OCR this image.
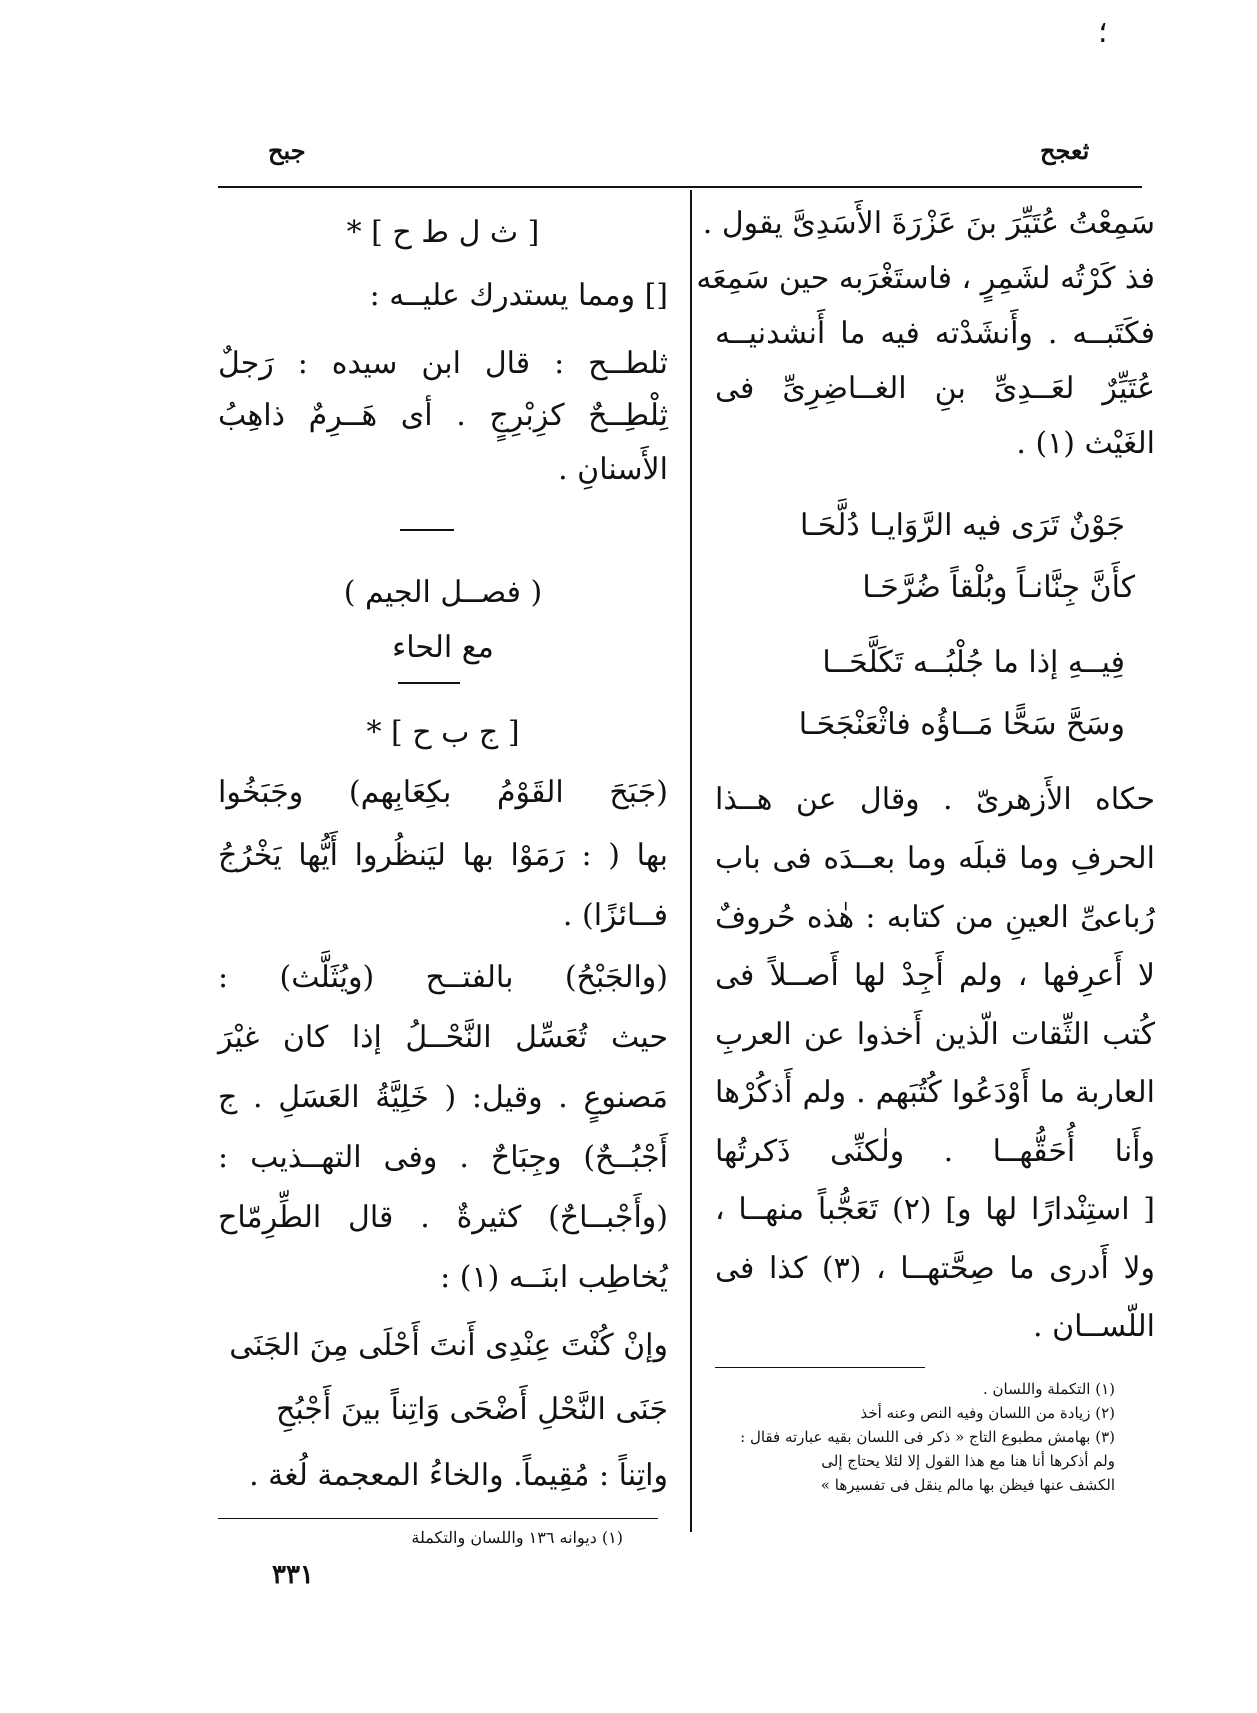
؛
جبح	ثعجح
سَمِعْتُ عُتَيِّرَ بنَ عَزْرَةَ الأَسَدِىَّ يقول .
فذ كَرْتُه لشَمِرٍ ، فاستَغْرَبه حين سَمِعَه
فكَتَبــه . وأَنشَدْته فيه ما أَنشدنيــه
عُتَيِّرٌ لعَــدِىِّ بنِ الغــاضِرِىِّ فى
الغَيْث (١) .
جَوْنٌ تَرَى فيه الرَّوَايـا دُلَّحَـا
كأَنَّ جِنَّانـاً وبُلْقاً ضُرَّحَـا
فِيــهِ إذا ما جُلْبُــه تَكَلَّحَــا
وسَحَّ سَحًّا مَــاؤُه فاثْعَنْجَحَـا
حكاه الأَزهرىّ . وقال عن هــذا
الحرفِ وما قبلَه وما بعــدَه فى باب
رُباعىِّ العينِ من كتابه : هٰذه حُروفٌ
لا أَعرِفها ، ولم أَجِدْ لها أَصــلاً فى
كُتب الثِّقات الّذين أَخذوا عن العربِ
العاربة ما أَوْدَعُوا كُتُبَهم . ولم أَذكُرْها
وأَنا أُحَقُّهــا . ولٰكنِّى ذَكرتُها
[ استِنْدارًا لها و] (٢) تَعَجُّباً منهــا ،
ولا أَدرى ما صِحَّتهــا ، (٣) كذا فى
اللّســان .
(١) التكملة واللسان .
(٢) زيادة من اللسان وفيه النص وعنه أخذ
(٣) بهامش مطبوع التاج « ذكر فى اللسان بقيه عبارته فقال :
ولم أذكرها أنا هنا مع هذا القول إلا لئلا يحتاج إلى
الكشف عنها فيظن بها مالم ينقل فى تفسيرها »
[ ث ل ط ح ] *
[] ومما يستدرك عليــه :
ثلطــح : قال ابن سيده : رَجلٌ
ثِلْطِــحٌ كزِبْرِجٍ . أى هَــرِمٌ ذاهِبُ
الأَسنانِ .
( فصــل الجيم )
مع الحاء
[ ج ب ح ] *
(جَبَحَ القَوْمُ بكِعَابِهم) وجَبَخُوا
بها ( : رَمَوْا بها ليَنظُروا أَيُّها يَخْرُجُ
فــائزًا) .
(والجَبْحُ) بالفتــح (ويُثَلَّث) :
حيث تُعَسِّل النَّحْــلُ إذا كان غيْرَ
مَصنوعٍ . وقيل: ( خَلِيَّةُ العَسَلِ . ج
أَجْبُــحٌ) وجِبَاحٌ . وفى التهــذيب :
(وأَجْبــاحٌ) كثيرةٌ . قال الطِّرِمّاح
يُخاطِب ابنَــه (١) :
وإنْ كُنْتَ عِنْدِى أَنتَ أَحْلَى مِنَ الجَنَى
جَنَى النَّحْلِ أَضْحَى وَاتِناً بينَ أَجْبُحِ
واتِناً : مُقِيماً. والخاءُ المعجمة لُغة .
(١) ديوانه ١٣٦ واللسان والتكملة
٣٣١
